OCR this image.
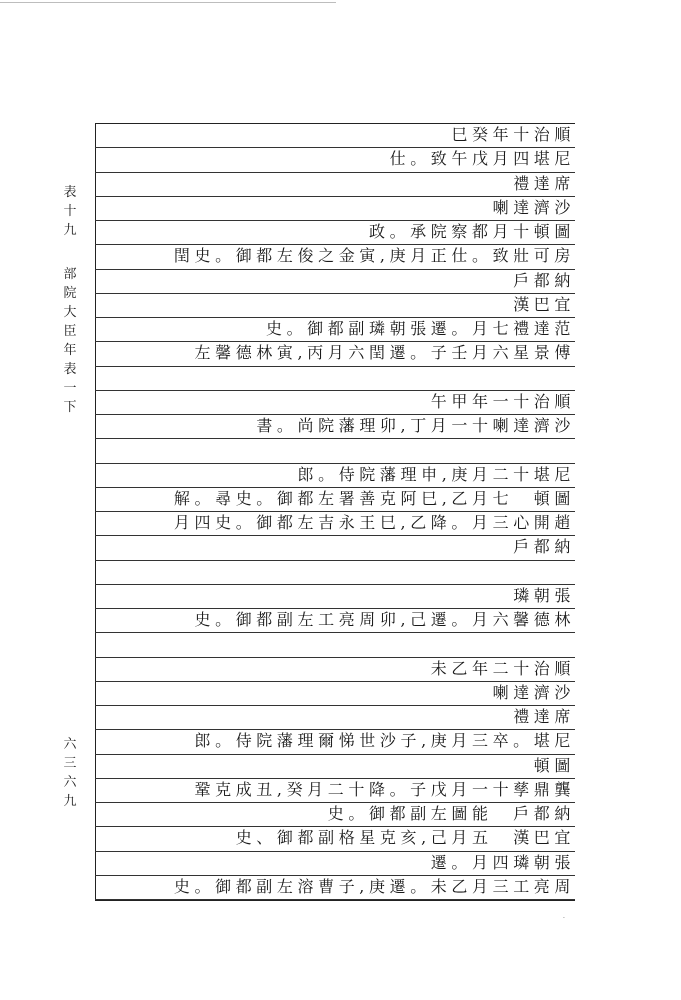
表
十
九
部
院
大
臣
年
表
一
下
六
三
六
九
巳癸年十治順
仕。致午戊月四堪尼
禮達席
喇達濟沙
政。承院察都月十頓圖
閏史。御都左俊之金寅,庚月正仕。致壯可房
戶都納
漢巴宜
史。御都副璘朝張遷。月七禮達范
左馨德林寅,丙月六閏遷。子壬月六星景傅
午甲年一十治順
書。尚院藩理卯,丁月一十喇達濟沙
郎。侍院藩理申,庚月二十堪尼
解。尋史。御都左署善克阿巳,乙月七　頓圖
月四史。御都左吉永王巳,乙降。月三心開趙
戶都納
璘朝張
史。御都副左工亮周卯,己遷。月六馨德林
未乙年二十治順
喇達濟沙
禮達席
郎。侍院藩理爾悌世沙子,庚月三卒。堪尼
頓圖
鞏克成丑,癸月二十降。子戊月一十孳鼎龔
史。御都副左圖能　戶都納
史、御都副格星克亥,己月五　漢巴宜
遷。月四璘朝張
史。御都副左溶曹子,庚遷。未乙月三工亮周
·
